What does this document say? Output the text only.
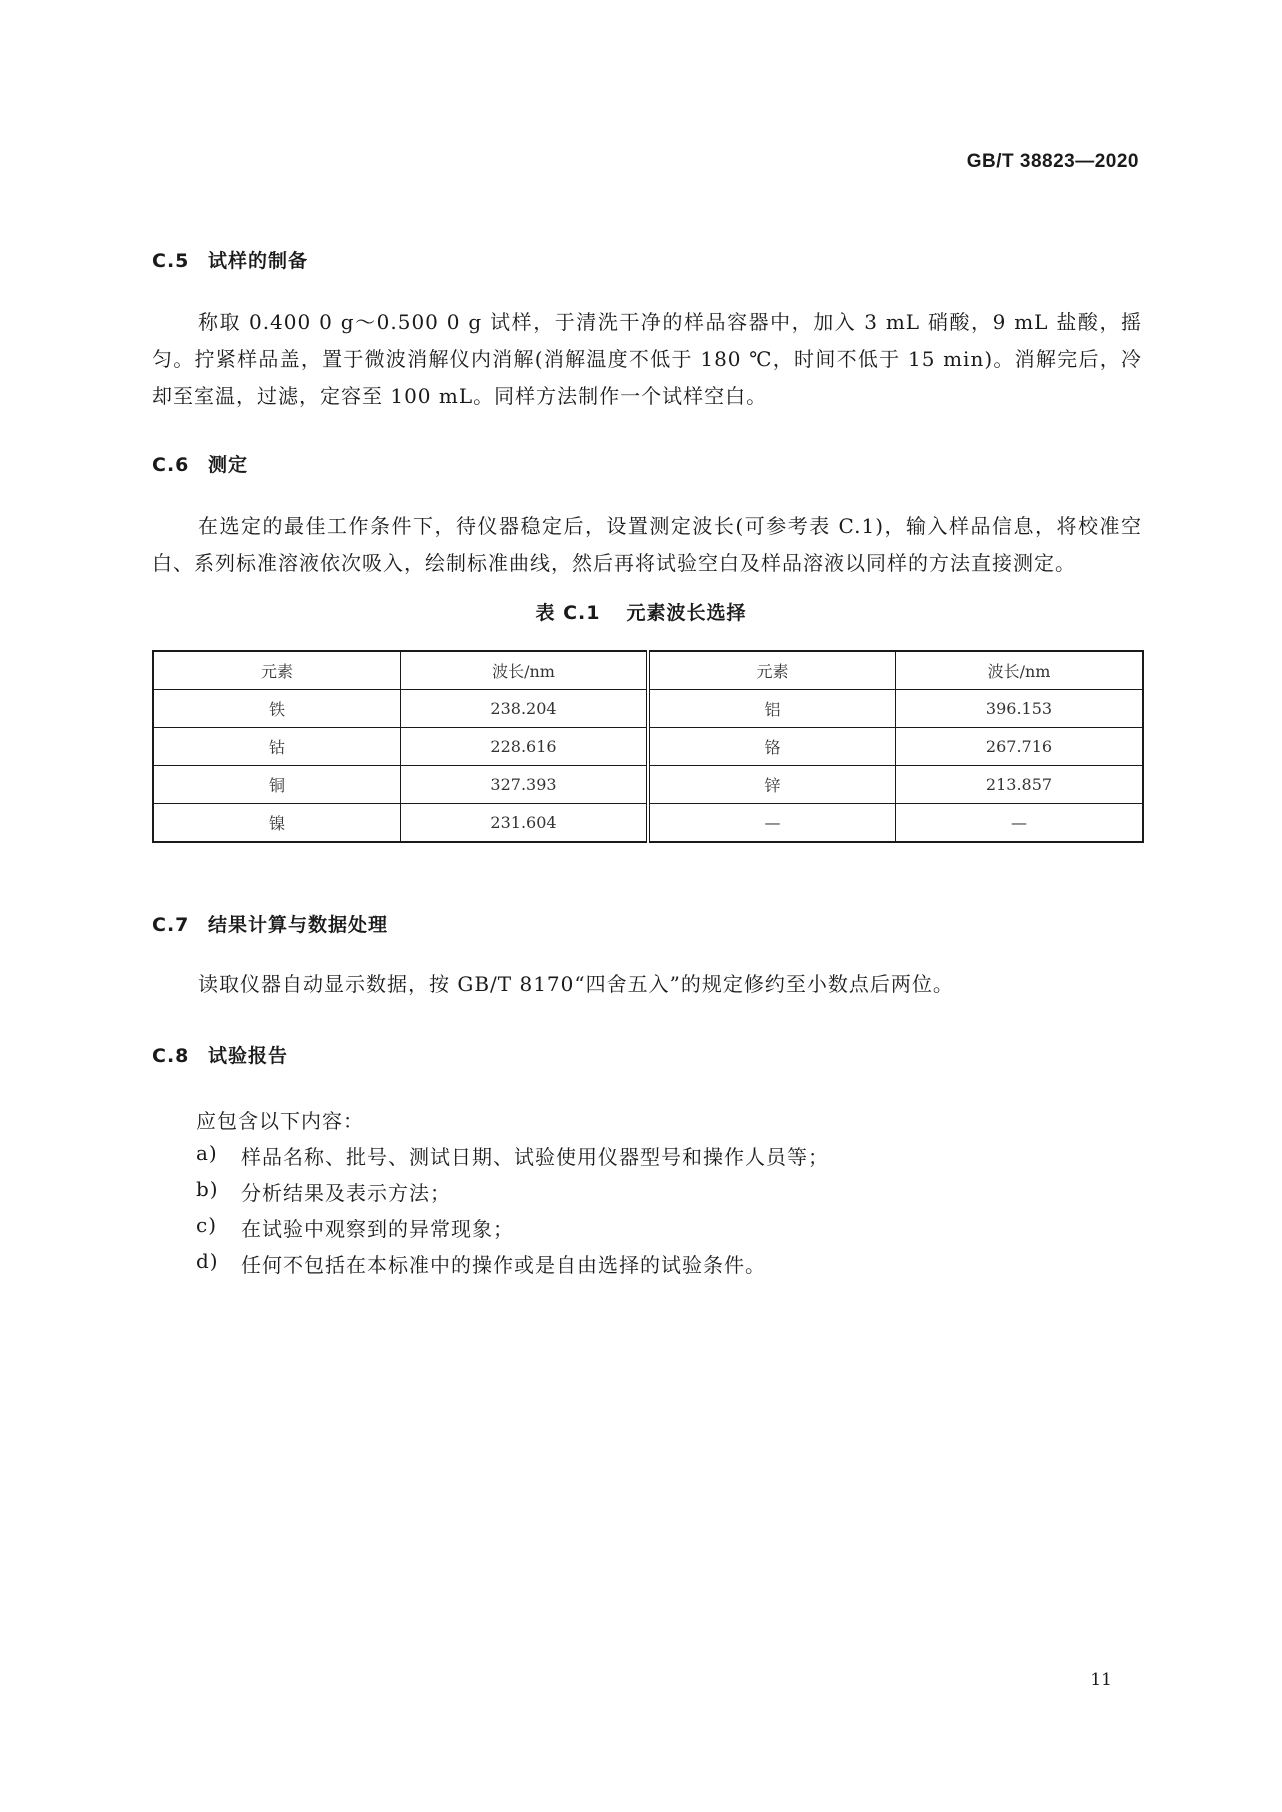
GB/T 38823—2020
C.5 试样的制备
称取 0.400 0 g～0.500 0 g 试样，于清洗干净的样品容器中，加入 3 mL 硝酸，9 mL 盐酸，摇匀。拧紧样品盖，置于微波消解仪内消解(消解温度不低于 180 ℃，时间不低于 15 min)。消解完后，冷却至室温，过滤，定容至 100 mL。同样方法制作一个试样空白。
C.6 测定
在选定的最佳工作条件下，待仪器稳定后，设置测定波长(可参考表 C.1)，输入样品信息，将校准空白、系列标准溶液依次吸入，绘制标准曲线，然后再将试验空白及样品溶液以同样的方法直接测定。
表 C.1 元素波长选择
元素	波长/nm	元素	波长/nm
铁	238.204	铝	396.153
钴	228.616	铬	267.716
铜	327.393	锌	213.857
镍	231.604	—	—
C.7 结果计算与数据处理
读取仪器自动显示数据，按 GB/T 8170“四舍五入”的规定修约至小数点后两位。
C.8 试验报告
应包含以下内容：
a)	样品名称、批号、测试日期、试验使用仪器型号和操作人员等；
b)	分析结果及表示方法；
c)	在试验中观察到的异常现象；
d)	任何不包括在本标准中的操作或是自由选择的试验条件。
11
